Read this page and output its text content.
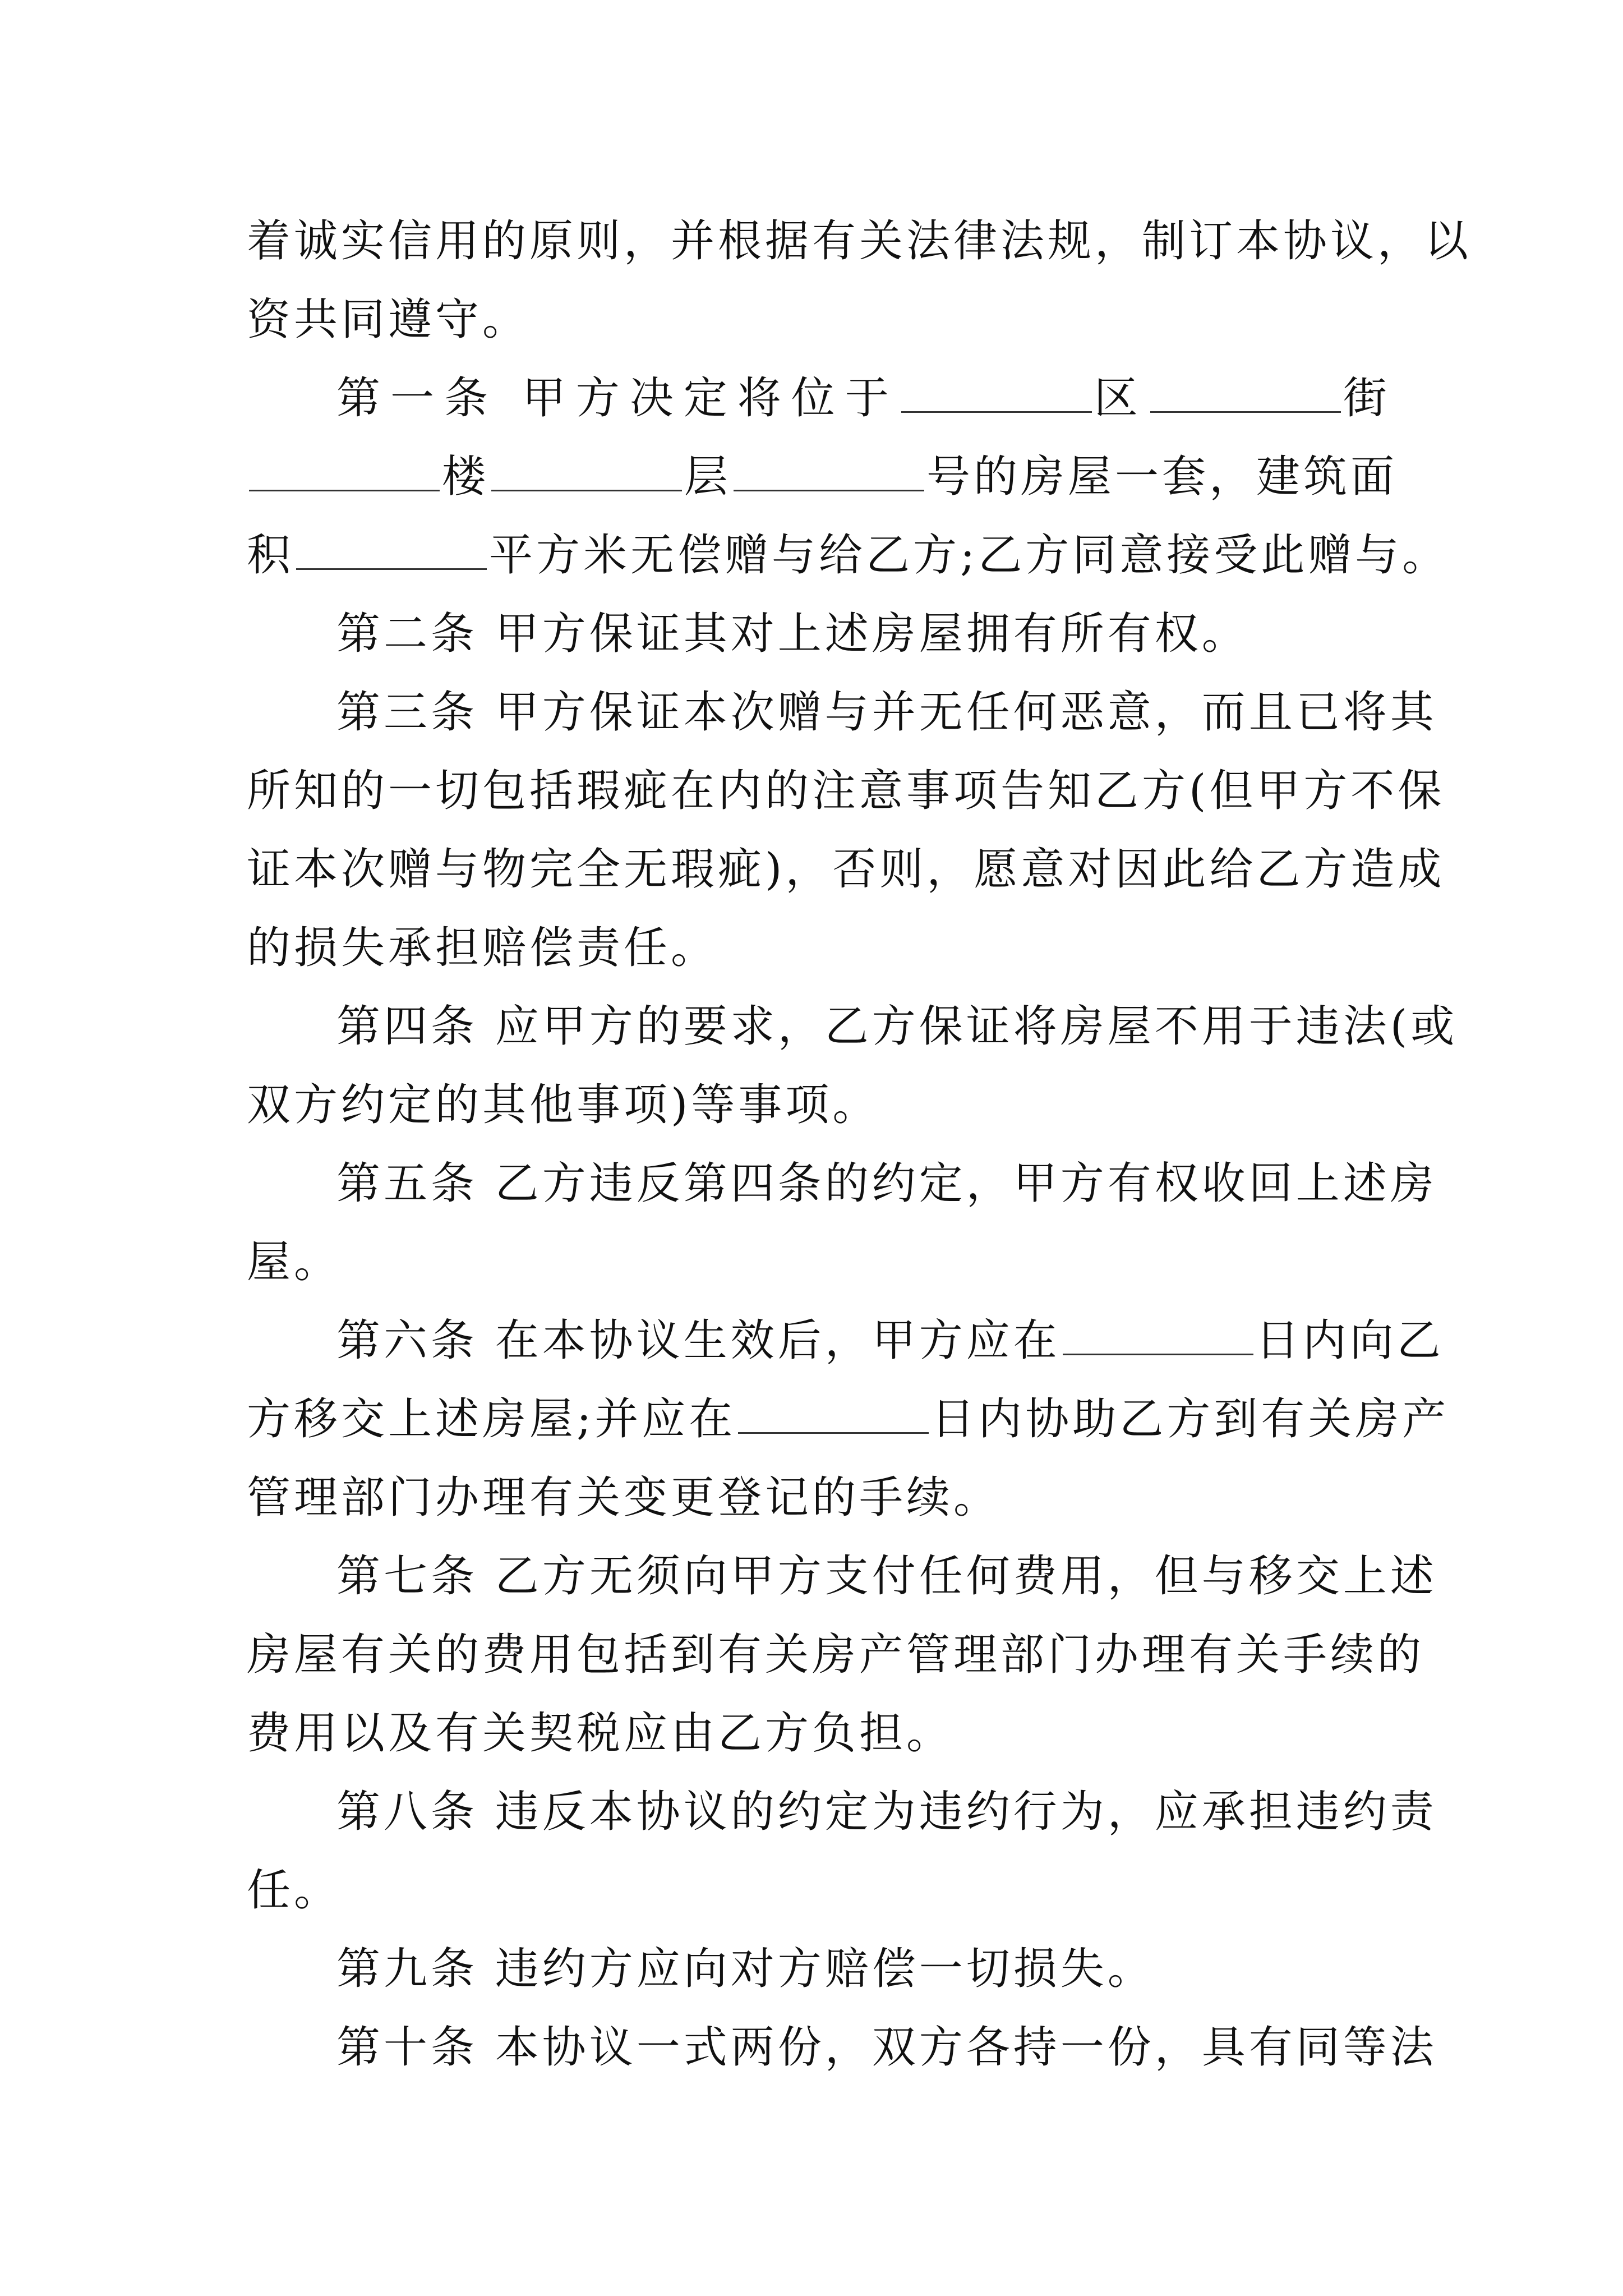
着诚实信用的原则，并根据有关法律法规，制订本协议，以
资共同遵守。
第一条 甲方决定将位于	区	街
楼	层	号的房屋一套，建筑面
积	平方米无偿赠与给乙方;乙方同意接受此赠与。
第二条 甲方保证其对上述房屋拥有所有权。
第三条 甲方保证本次赠与并无任何恶意，而且已将其
所知的一切包括瑕疵在内的注意事项告知乙方(但甲方不保
证本次赠与物完全无瑕疵)，否则，愿意对因此给乙方造成
的损失承担赔偿责任。
第四条 应甲方的要求，乙方保证将房屋不用于违法(或
双方约定的其他事项)等事项。
第五条 乙方违反第四条的约定，甲方有权收回上述房
屋。
第六条 在本协议生效后，甲方应在	日内向乙
方移交上述房屋;并应在	日内协助乙方到有关房产
管理部门办理有关变更登记的手续。
第七条 乙方无须向甲方支付任何费用，但与移交上述
房屋有关的费用包括到有关房产管理部门办理有关手续的
费用以及有关契税应由乙方负担。
第八条 违反本协议的约定为违约行为，应承担违约责
任。
第九条 违约方应向对方赔偿一切损失。
第十条 本协议一式两份，双方各持一份，具有同等法
